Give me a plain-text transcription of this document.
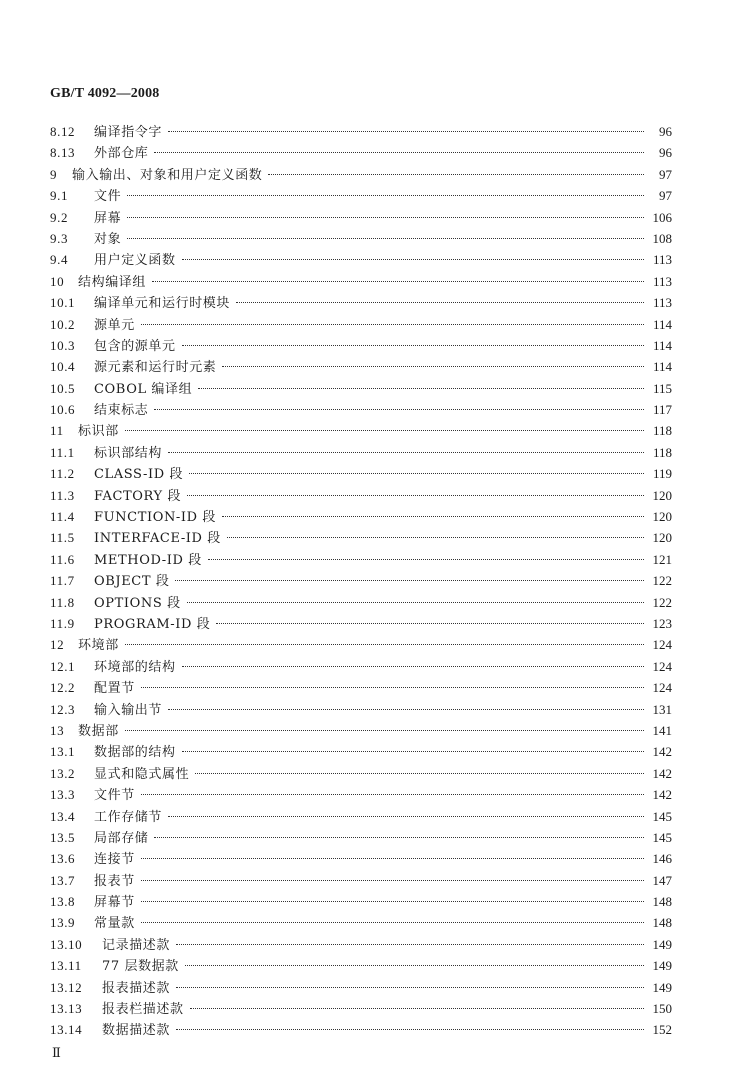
GB/T 4092—2008
8.12	编译指令字	96
8.13	外部仓库	96
9	输入输出、对象和用户定义函数	97
9.1	文件	97
9.2	屏幕	106
9.3	对象	108
9.4	用户定义函数	113
10	结构编译组	113
10.1	编译单元和运行时模块	113
10.2	源单元	114
10.3	包含的源单元	114
10.4	源元素和运行时元素	114
10.5	COBOL 编译组	115
10.6	结束标志	117
11	标识部	118
11.1	标识部结构	118
11.2	CLASS-ID 段	119
11.3	FACTORY 段	120
11.4	FUNCTION-ID 段	120
11.5	INTERFACE-ID 段	120
11.6	METHOD-ID 段	121
11.7	OBJECT 段	122
11.8	OPTIONS 段	122
11.9	PROGRAM-ID 段	123
12	环境部	124
12.1	环境部的结构	124
12.2	配置节	124
12.3	输入输出节	131
13	数据部	141
13.1	数据部的结构	142
13.2	显式和隐式属性	142
13.3	文件节	142
13.4	工作存储节	145
13.5	局部存储	145
13.6	连接节	146
13.7	报表节	147
13.8	屏幕节	148
13.9	常量款	148
13.10	记录描述款	149
13.11	77 层数据款	149
13.12	报表描述款	149
13.13	报表栏描述款	150
13.14	数据描述款	152
Ⅱ
